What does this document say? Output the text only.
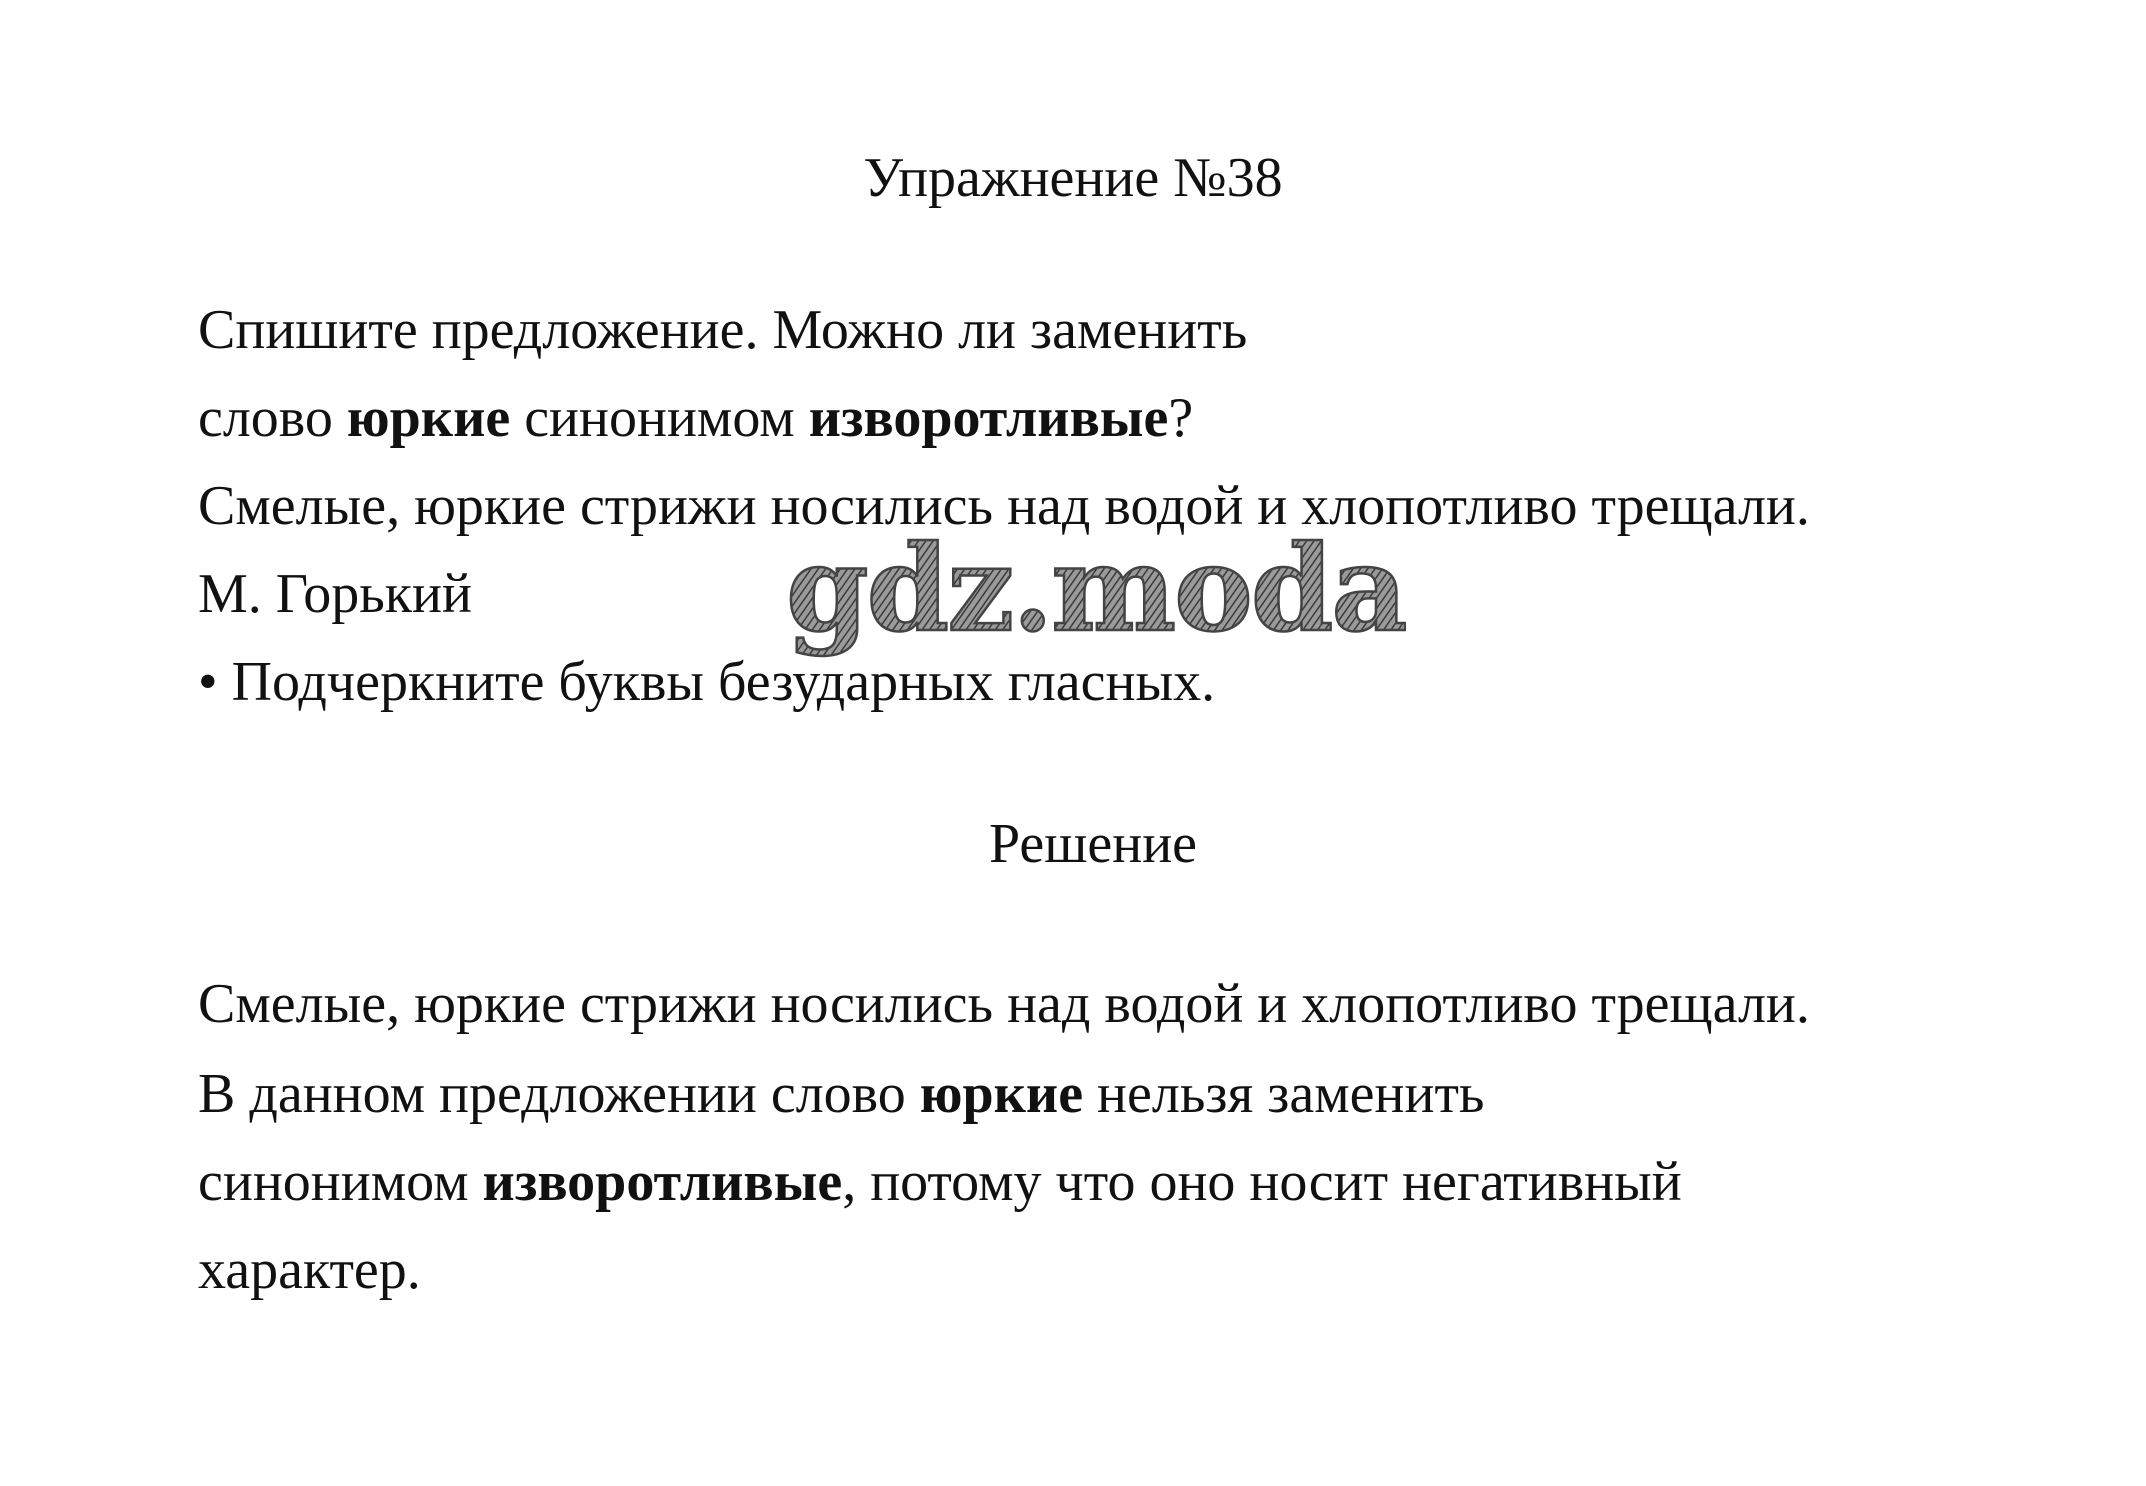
Упражнение №38
Спишите предложение. Можно ли заменить
слово юркие синонимом изворотливые?
Смелые, юркие стрижи носились над водой и хлопотливо трещали.
М. Горький
• Подчеркните буквы безударных гласных.
Решение
Смелые, юркие стрижи носились над водой и хлопотливо трещали.
В данном предложении слово юркие нельзя заменить
синонимом изворотливые, потому что оно носит негативный
характер.
gdz.moda
